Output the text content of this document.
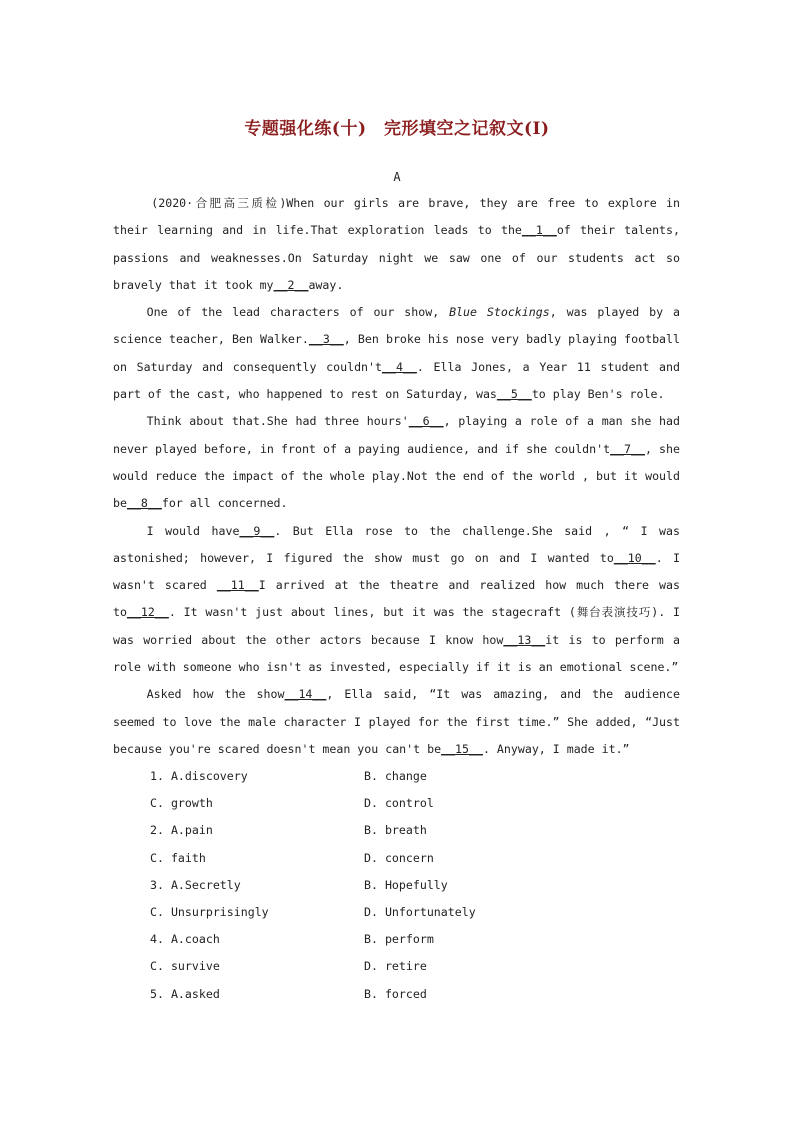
专题强化练(十)　完形填空之记叙文(Ⅰ)
A

(2020·合肥高三质检)When our girls are brave, they are free to explore in their learning and in life.That exploration leads to the__1__of their talents, passions and weaknesses.On Saturday night we saw one of our students act so bravely that it took my__2__away.

One of the lead characters of our show, Blue Stockings, was played by a science teacher, Ben Walker.__3__, Ben broke his nose very badly playing football on Saturday and consequently couldn't__4__. Ella Jones, a Year 11 student and part of the cast, who happened to rest on Saturday, was__5__to play Ben's role.

Think about that.She had three hours'__6__, playing a role of a man she had never played before, in front of a paying audience, and if she couldn't__7__, she would reduce the impact of the whole play.Not the end of the world , but it would be__8__for all concerned.

I would have__9__. But Ella rose to the challenge.She said , “ I was astonished; however, I figured the show must go on and I wanted to__10__. I wasn't scared __11__I arrived at the theatre and realized how much there was to__12__. It wasn't just about lines, but it was the stagecraft (舞台表演技巧). I was worried about the other actors because I know how__13__it is to perform a role with someone who isn't as invested, especially if it is an emotional scene.”

Asked how the show__14__, Ella said, “It was amazing, and the audience seemed to love the male character I played for the first time.” She added, “Just because you're scared doesn't mean you can't be__15__. Anyway, I made it.”

1. A.discovery	B. change
C. growth	D. control
2. A.pain	B. breath
C. faith	D. concern
3. A.Secretly	B. Hopefully
C. Unsurprisingly	D. Unfortunately
4. A.coach	B. perform
C. survive	D. retire
5. A.asked	B. forced
